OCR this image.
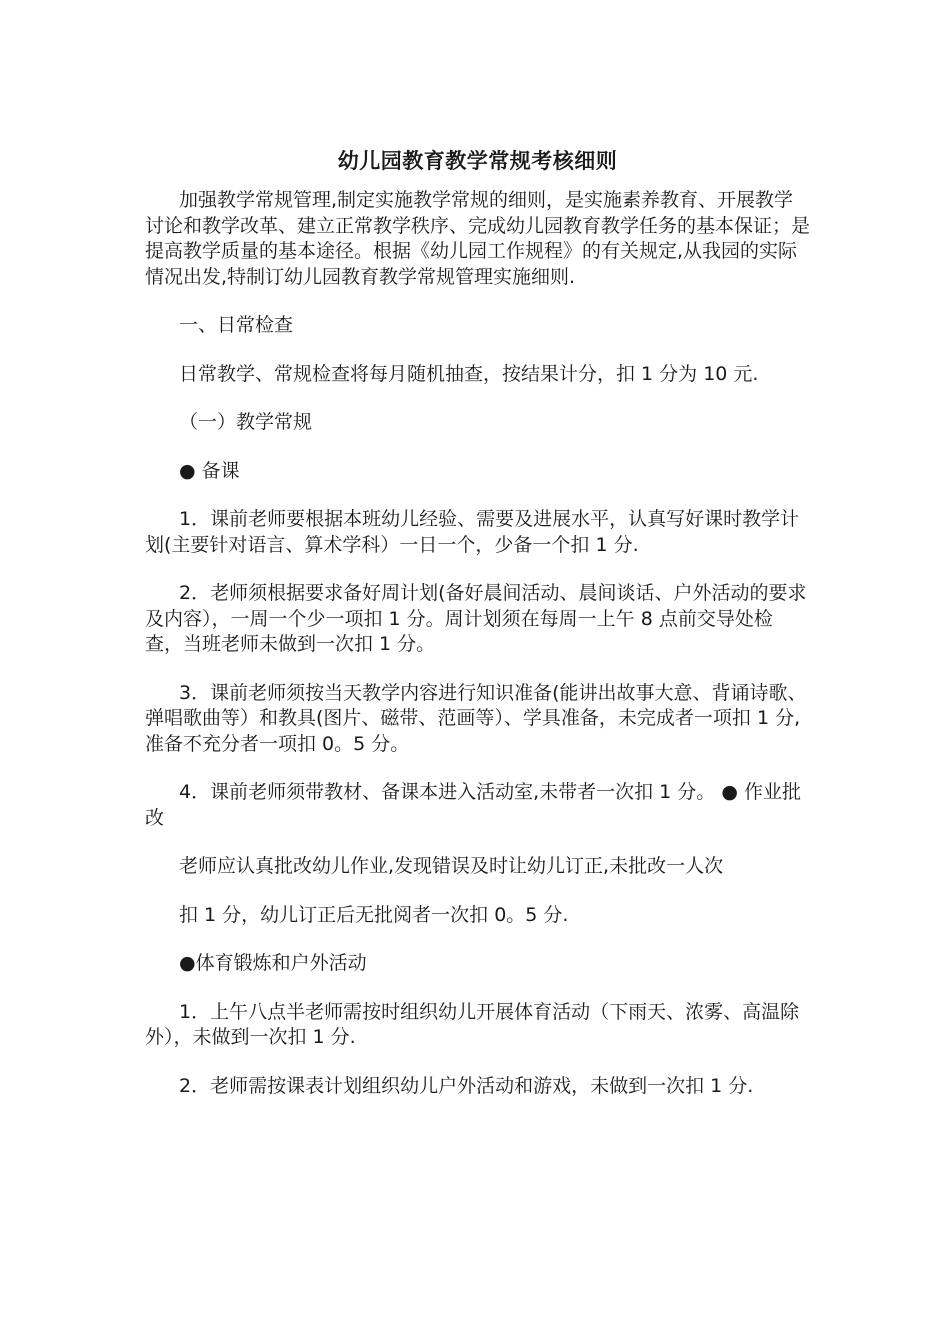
幼儿园教育教学常规考核细则

加强教学常规管理,制定实施教学常规的细则，是实施素养教育、开展教学讨论和教学改革、建立正常教学秩序、完成幼儿园教育教学任务的基本保证；是提高教学质量的基本途径。根据《幼儿园工作规程》的有关规定,从我园的实际情况出发,特制订幼儿园教育教学常规管理实施细则.

一、日常检查

日常教学、常规检查将每月随机抽查，按结果计分，扣 1 分为 10 元.

（一）教学常规

● 备课

1．课前老师要根据本班幼儿经验、需要及进展水平，认真写好课时教学计划(主要针对语言、算术学科）一日一个，少备一个扣 1 分.

2．老师须根据要求备好周计划(备好晨间活动、晨间谈话、户外活动的要求及内容），一周一个少一项扣 1 分。周计划须在每周一上午 8 点前交导处检查，当班老师未做到一次扣 1 分。

3．课前老师须按当天教学内容进行知识准备(能讲出故事大意、背诵诗歌、弹唱歌曲等）和教具(图片、磁带、范画等）、学具准备，未完成者一项扣 1 分,准备不充分者一项扣 0。5 分。

4．课前老师须带教材、备课本进入活动室,未带者一次扣 1 分。 ● 作业批改

老师应认真批改幼儿作业,发现错误及时让幼儿订正,未批改一人次

扣 1 分，幼儿订正后无批阅者一次扣 0。5 分.

●体育锻炼和户外活动

1．上午八点半老师需按时组织幼儿开展体育活动（下雨天、浓雾、高温除外），未做到一次扣 1 分.

2．老师需按课表计划组织幼儿户外活动和游戏，未做到一次扣 1 分.
